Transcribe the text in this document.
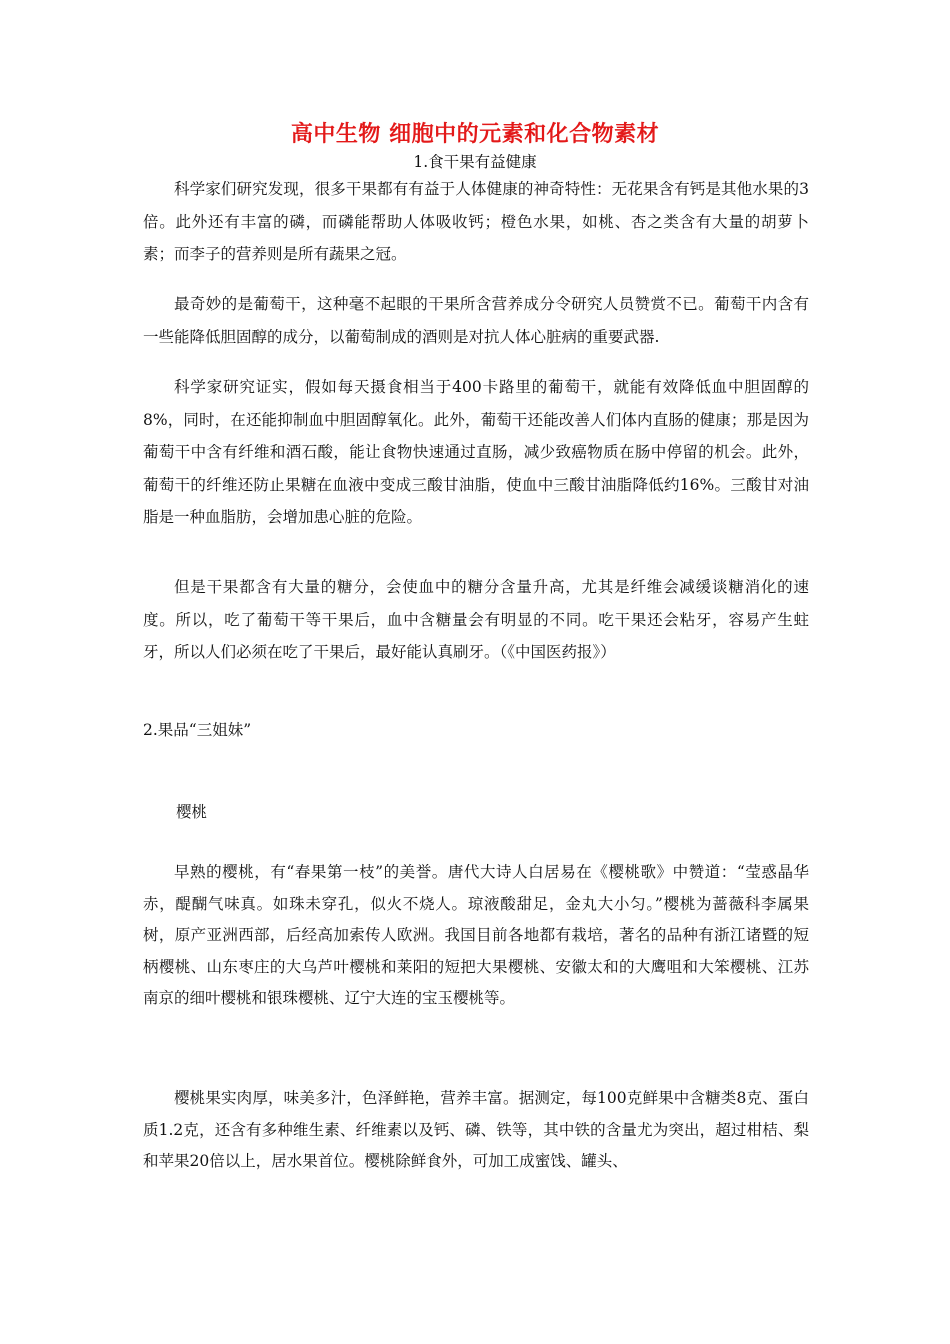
高中生物 细胞中的元素和化合物素材
1.食干果有益健康

科学家们研究发现，很多干果都有有益于人体健康的神奇特性：无花果含有钙是其他水果的3倍。此外还有丰富的磷，而磷能帮助人体吸收钙；橙色水果，如桃、杏之类含有大量的胡萝卜素；而李子的营养则是所有蔬果之冠。

最奇妙的是葡萄干，这种毫不起眼的干果所含营养成分令研究人员赞赏不已。葡萄干内含有一些能降低胆固醇的成分，以葡萄制成的酒则是对抗人体心脏病的重要武器.

科学家研究证实，假如每天摄食相当于400卡路里的葡萄干，就能有效降低血中胆固醇的8%，同时，在还能抑制血中胆固醇氧化。此外，葡萄干还能改善人们体内直肠的健康；那是因为葡萄干中含有纤维和酒石酸，能让食物快速通过直肠，减少致癌物质在肠中停留的机会。此外，葡萄干的纤维还防止果糖在血液中变成三酸甘油脂，使血中三酸甘油脂降低约16%。三酸甘对油脂是一种血脂肪，会增加患心脏的危险。

但是干果都含有大量的糖分，会使血中的糖分含量升高，尤其是纤维会减缓谈糖消化的速度。所以，吃了葡萄干等干果后，血中含糖量会有明显的不同。吃干果还会粘牙，容易产生蛀牙，所以人们必须在吃了干果后，最好能认真刷牙。（《中国医药报》）

2.果品“三姐妹”
樱桃

早熟的樱桃，有“春果第一枝”的美誉。唐代大诗人白居易在《樱桃歌》中赞道：“莹惑晶华赤，醍醐气味真。如珠未穿孔，似火不烧人。琼液酸甜足，金丸大小匀。”樱桃为蔷薇科李属果树，原产亚洲西部，后经高加索传人欧洲。我国目前各地都有栽培，著名的品种有浙江诸暨的短柄樱桃、山东枣庄的大乌芦叶樱桃和莱阳的短把大果樱桃、安徽太和的大鹰咀和大笨樱桃、江苏南京的细叶樱桃和银珠樱桃、辽宁大连的宝玉樱桃等。

樱桃果实肉厚，味美多汁，色泽鲜艳，营养丰富。据测定，每100克鲜果中含糖类8克、蛋白质1.2克，还含有多种维生素、纤维素以及钙、磷、铁等，其中铁的含量尤为突出，超过柑桔、梨和苹果20倍以上，居水果首位。樱桃除鲜食外，可加工成蜜饯、罐头、
